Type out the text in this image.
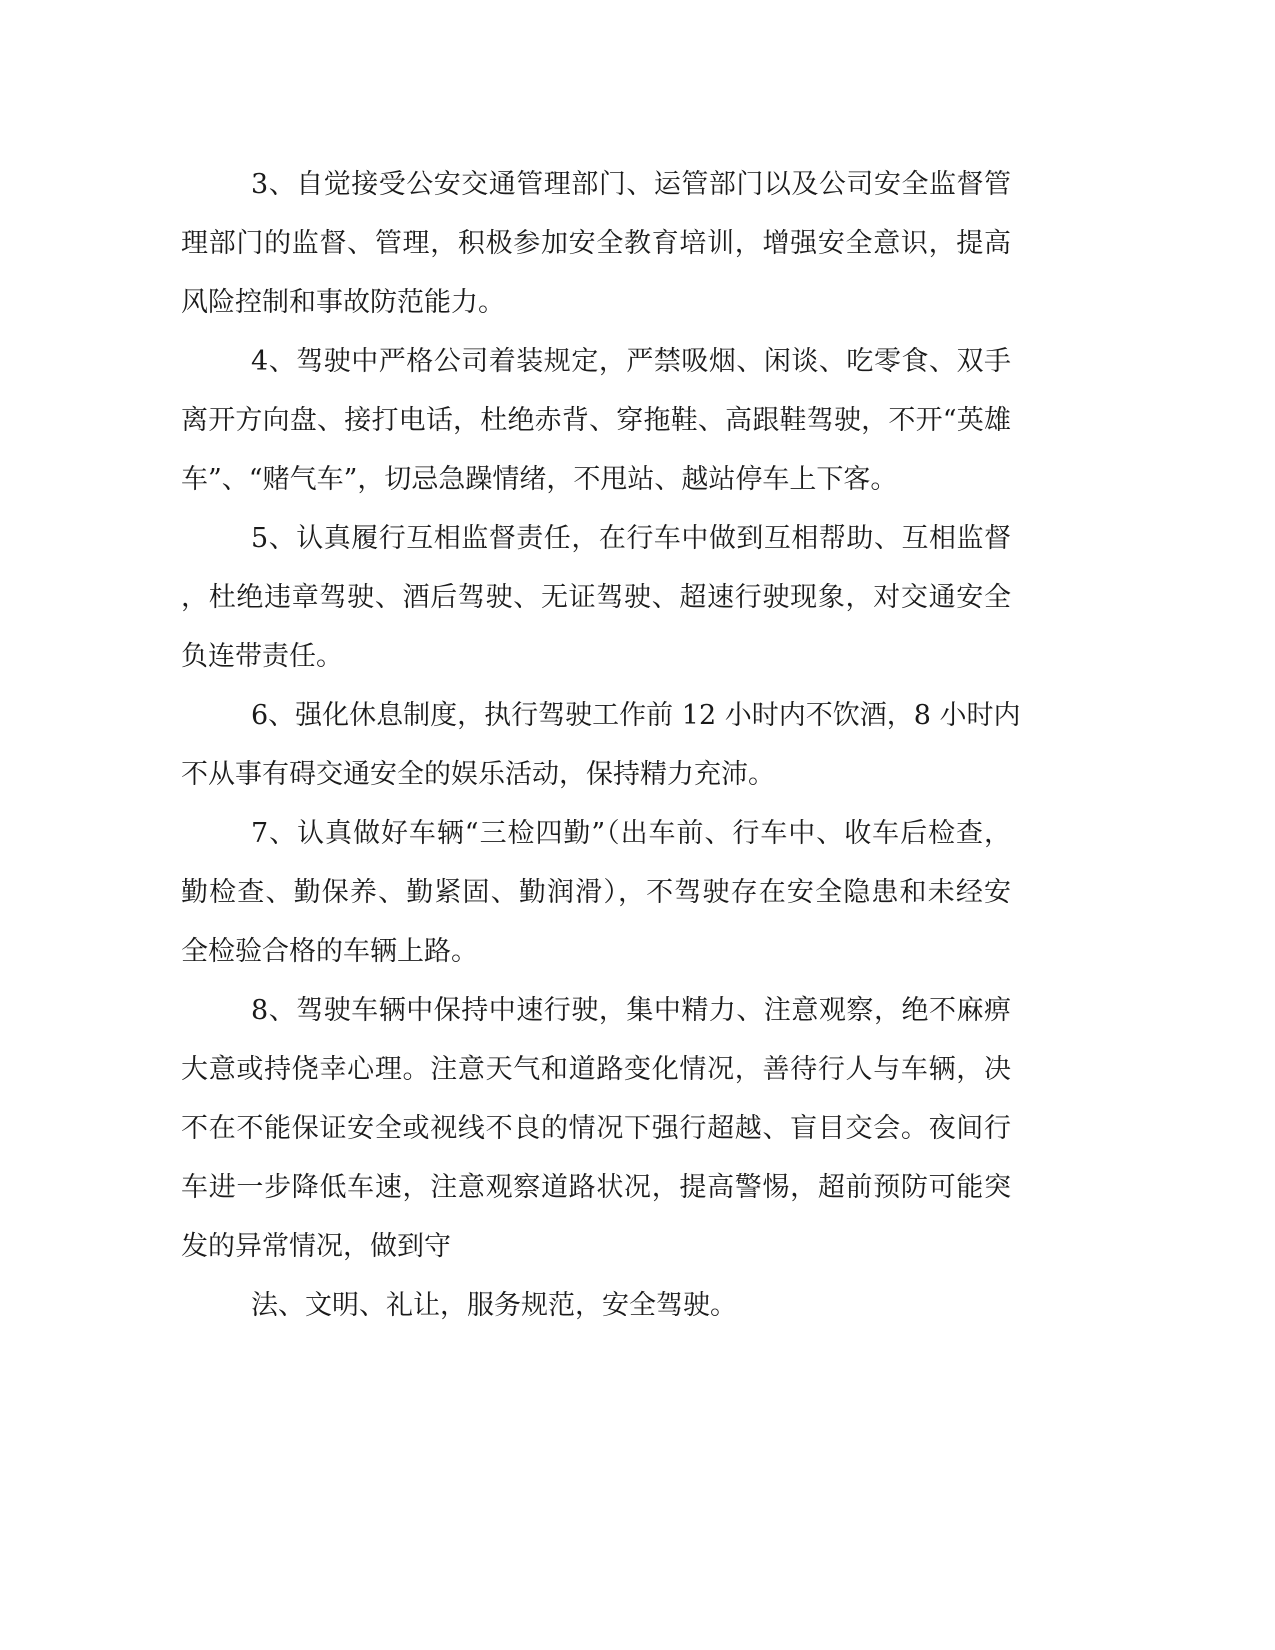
3、自觉接受公安交通管理部门、运管部门以及公司安全监督管
理部门的监督、管理，积极参加安全教育培训，增强安全意识，提高
风险控制和事故防范能力。
4、驾驶中严格公司着装规定，严禁吸烟、闲谈、吃零食、双手
离开方向盘、接打电话，杜绝赤背、穿拖鞋、高跟鞋驾驶，不开“英雄
车”、“赌气车”，切忌急躁情绪，不甩站、越站停车上下客。
5、认真履行互相监督责任，在行车中做到互相帮助、互相监督
，杜绝违章驾驶、酒后驾驶、无证驾驶、超速行驶现象，对交通安全
负连带责任。
6、强化休息制度，执行驾驶工作前 12 小时内不饮酒，8 小时内
不从事有碍交通安全的娱乐活动，保持精力充沛。
7、认真做好车辆“三检四勤”（出车前、行车中、收车后检查，
勤检查、勤保养、勤紧固、勤润滑），不驾驶存在安全隐患和未经安
全检验合格的车辆上路。
8、驾驶车辆中保持中速行驶，集中精力、注意观察，绝不麻痹
大意或持侥幸心理。注意天气和道路变化情况，善待行人与车辆，决
不在不能保证安全或视线不良的情况下强行超越、盲目交会。夜间行
车进一步降低车速，注意观察道路状况，提高警惕，超前预防可能突
发的异常情况，做到守
法、文明、礼让，服务规范，安全驾驶。
